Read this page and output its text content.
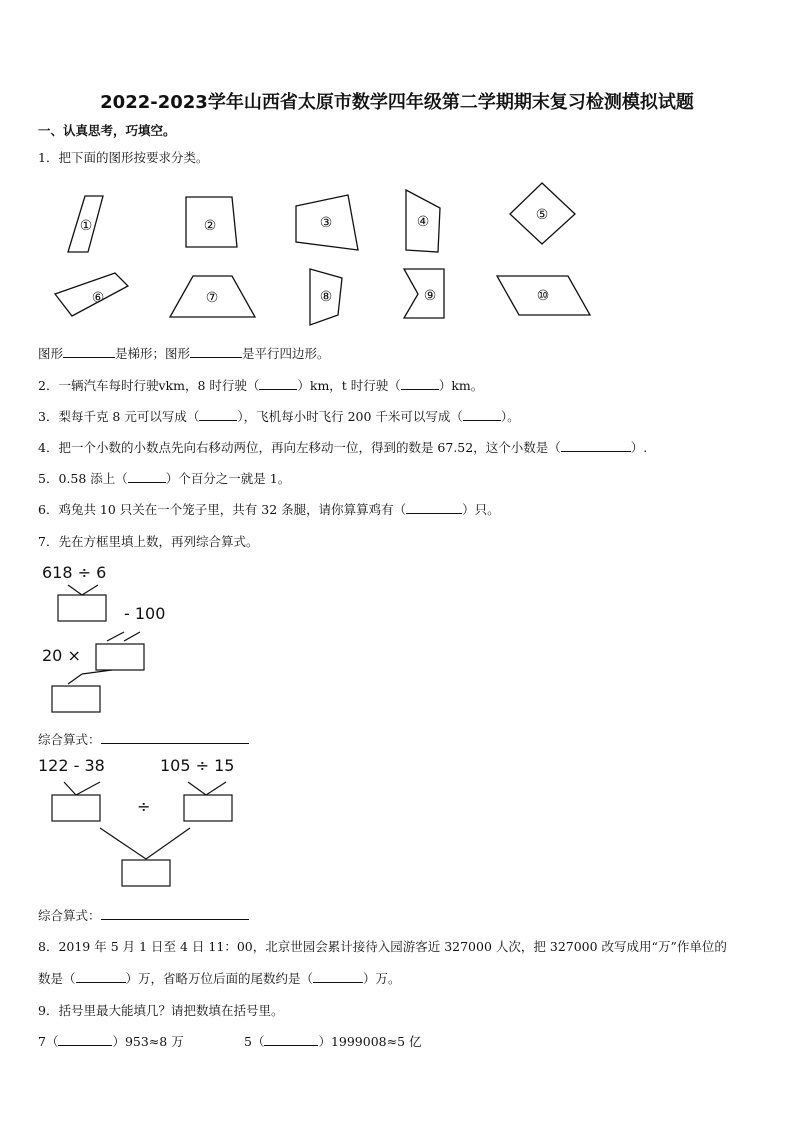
2022-2023学年山西省太原市数学四年级第二学期期末复习检测模拟试题
一、认真思考，巧填空。
1．把下面的图形按要求分类。
①	②	③	④	⑤
⑥	⑦	⑧	⑨	⑩
图形	是梯形；图形	是平行四边形。
2．一辆汽车每时行驶vkm，8 时行驶（	）km，t 时行驶（	）km。
3．梨每千克 8 元可以写成（	），飞机每小时飞行 200 千米可以写成（	）。
4．把一个小数的小数点先向右移动两位，再向左移动一位，得到的数是 67.52，这个小数是（	）.
5．0.58 添上（	）个百分之一就是 1。
6．鸡兔共 10 只关在一个笼子里，共有 32 条腿，请你算算鸡有（	）只。
7．先在方框里填上数，再列综合算式。
618 ÷ 6
- 100
20 ×
综合算式：
122 - 38	105 ÷ 15
÷
综合算式：
8．2019 年 5 月 1 日至 4 日 11：00，北京世园会累计接待入园游客近 327000 人次，把 327000 改写成用“万”作单位的
数是（	）万，省略万位后面的尾数约是（	）万。
9．括号里最大能填几？请把数填在括号里。
7（	）953≈8 万	5（	）1999008≈5 亿
